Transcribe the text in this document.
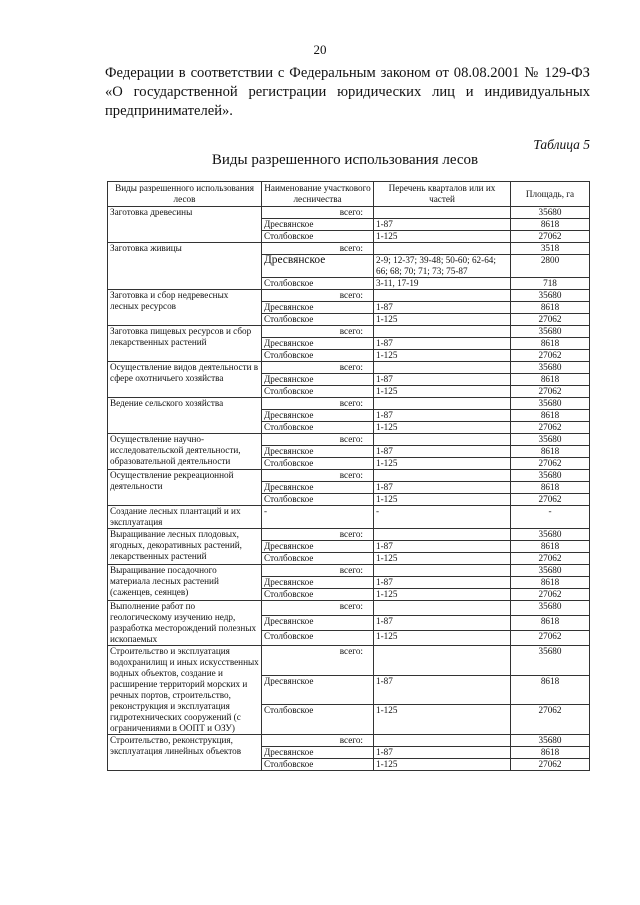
20

Федерации в соответствии с Федеральным законом от 08.08.2001 № 129-ФЗ «О государственной регистрации юридических лиц и индивидуальных предпринимателей».

Таблица 5
Виды разрешенного использования лесов
Виды разрешенного использования лесов	Наименование участкового лесничества	Перечень кварталов или их частей	Площадь, га
Заготовка древесины	всего:		35680
	Дресвянское	1-87	8618
	Столбовское	1-125	27062
Заготовка живицы	всего:		3518
	Дресвянское	2-9; 12-37; 39-48; 50-60; 62-64; 66; 68; 70; 71; 73; 75-87	2800
	Столбовское	3-11, 17-19	718
Заготовка и сбор недревесных лесных ресурсов	всего:		35680
	Дресвянское	1-87	8618
	Столбовское	1-125	27062
Заготовка пищевых ресурсов и сбор лекарственных растений	всего:		35680
	Дресвянское	1-87	8618
	Столбовское	1-125	27062
Осуществление видов деятельности в сфере охотничьего хозяйства	всего:		35680
	Дресвянское	1-87	8618
	Столбовское	1-125	27062
Ведение сельского хозяйства	всего:		35680
	Дресвянское	1-87	8618
	Столбовское	1-125	27062
Осуществление научно-исследовательской деятельности, образовательной деятельности	всего:		35680
	Дресвянское	1-87	8618
	Столбовское	1-125	27062
Осуществление рекреационной деятельности	всего:		35680
	Дресвянское	1-87	8618
	Столбовское	1-125	27062
Создание лесных плантаций и их эксплуатация	-	-	-
Выращивание лесных плодовых, ягодных, декоративных растений, лекарственных растений	всего:		35680
	Дресвянское	1-87	8618
	Столбовское	1-125	27062
Выращивание посадочного материала лесных растений (саженцев, сеянцев)	всего:		35680
	Дресвянское	1-87	8618
	Столбовское	1-125	27062
Выполнение работ по геологическому изучению недр, разработка месторождений полезных ископаемых	всего:		35680
	Дресвянское	1-87	8618
	Столбовское	1-125	27062
Строительство и эксплуатация водохранилищ и иных искусственных водных объектов, создание и расширение территорий морских и речных портов, строительство, реконструкция и эксплуатация гидротехнических сооружений (с ограничениями в ООПТ и ОЗУ)	всего:		35680
	Дресвянское	1-87	8618
	Столбовское	1-125	27062
Строительство, реконструкция, эксплуатация линейных объектов	всего:		35680
	Дресвянское	1-87	8618
	Столбовское	1-125	27062
